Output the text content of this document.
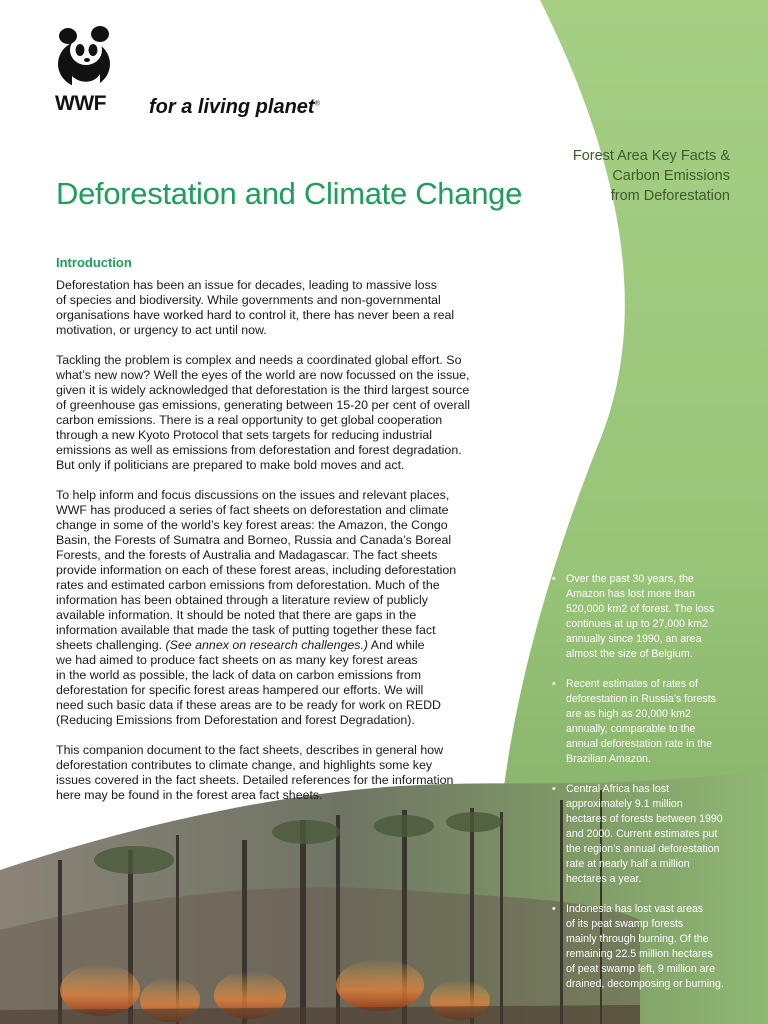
WWF for a living planet®
Forest Area Key Facts &
Carbon Emissions
from Deforestation
Deforestation and Climate Change
Introduction

Deforestation has been an issue for decades, leading to massive loss
of species and biodiversity. While governments and non-governmental
organisations have worked hard to control it, there has never been a real
motivation, or urgency to act until now.

Tackling the problem is complex and needs a coordinated global effort. So
what’s new now? Well the eyes of the world are now focussed on the issue,
given it is widely acknowledged that deforestation is the third largest source
of greenhouse gas emissions, generating between 15-20 per cent of overall
carbon emissions. There is a real opportunity to get global cooperation
through a new Kyoto Protocol that sets targets for reducing industrial
emissions as well as emissions from deforestation and forest degradation.
But only if politicians are prepared to make bold moves and act.

To help inform and focus discussions on the issues and relevant places,
WWF has produced a series of fact sheets on deforestation and climate
change in some of the world’s key forest areas: the Amazon, the Congo
Basin, the Forests of Sumatra and Borneo, Russia and Canada’s Boreal
Forests, and the forests of Australia and Madagascar. The fact sheets
provide information on each of these forest areas, including deforestation
rates and estimated carbon emissions from deforestation. Much of the
information has been obtained through a literature review of publicly
available information. It should be noted that there are gaps in the
information available that made the task of putting together these fact
sheets challenging. (See annex on research challenges.) And while
we had aimed to produce fact sheets on as many key forest areas
in the world as possible, the lack of data on carbon emissions from
deforestation for specific forest areas hampered our efforts. We will
need such basic data if these areas are to be ready for work on REDD
(Reducing Emissions from Deforestation and forest Degradation).

This companion document to the fact sheets, describes in general how
deforestation contributes to climate change, and highlights some key
issues covered in the fact sheets. Detailed references for the information
here may be found in the forest area fact sheets.

• Over the past 30 years, the
Amazon has lost more than
520,000 km2 of forest. The loss
continues at up to 27,000 km2
annually since 1990, an area
almost the size of Belgium.
• Recent estimates of rates of
deforestation in Russia’s forests
are as high as 20,000 km2
annually, comparable to the
annual deforestation rate in the
Brazilian Amazon.
• Central Africa has lost
approximately 9.1 million
hectares of forests between 1990
and 2000. Current estimates put
the region’s annual deforestation
rate at nearly half a million
hectares a year.
• Indonesia has lost vast areas
of its peat swamp forests
mainly through burning. Of the
remaining 22.5 million hectares
of peat swamp left, 9 million are
drained, decomposing or burning.
